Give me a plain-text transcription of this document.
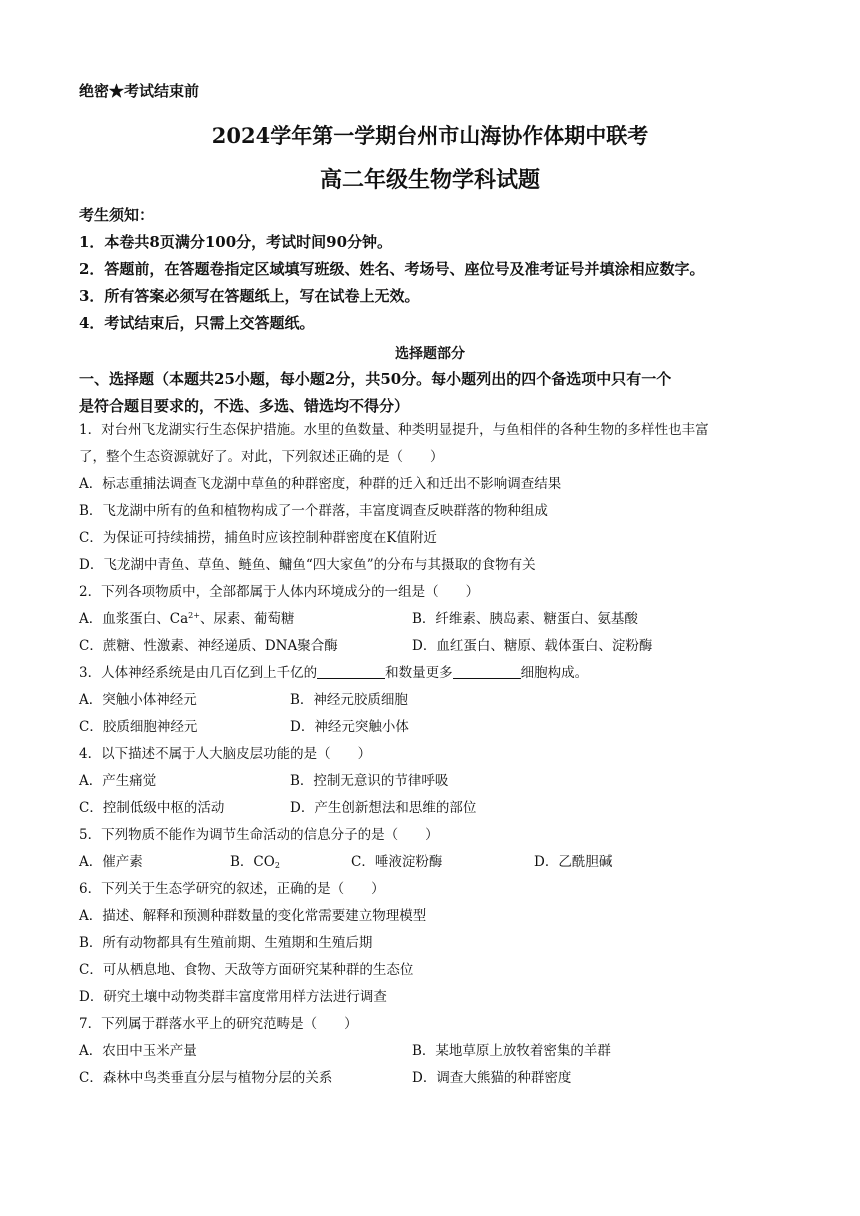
绝密★考试结束前
2024学年第一学期台州市山海协作体期中联考
高二年级生物学科试题
考生须知：
1．本卷共8页满分100分，考试时间90分钟。
2．答题前，在答题卷指定区域填写班级、姓名、考场号、座位号及准考证号并填涂相应数字。
3．所有答案必须写在答题纸上，写在试卷上无效。
4．考试结束后，只需上交答题纸。
选择题部分
一、选择题（本题共25小题，每小题2分，共50分。每小题列出的四个备选项中只有一个
是符合题目要求的，不选、多选、错选均不得分）
1．对台州飞龙湖实行生态保护措施。水里的鱼数量、种类明显提升，与鱼相伴的各种生物的多样性也丰富
了，整个生态资源就好了。对此，下列叙述正确的是（　　）
A．标志重捕法调查飞龙湖中草鱼的种群密度，种群的迁入和迁出不影响调查结果
B．飞龙湖中所有的鱼和植物构成了一个群落，丰富度调查反映群落的物种组成
C．为保证可持续捕捞，捕鱼时应该控制种群密度在K值附近
D．飞龙湖中青鱼、草鱼、鲢鱼、鳙鱼“四大家鱼”的分布与其摄取的食物有关
2．下列各项物质中，全部都属于人体内环境成分的一组是（　　）
A．血浆蛋白、$Ca^{2+}$、尿素、葡萄糖	B．纤维素、胰岛素、糖蛋白、氨基酸
C．蔗糖、性激素、神经递质、DNA聚合酶	D．血红蛋白、糖原、载体蛋白、淀粉酶
3．人体神经系统是由几百亿到上千亿的	和数量更多	细胞构成。
A．突触小体神经元	B．神经元胶质细胞
C．胶质细胞神经元	D．神经元突触小体
4．以下描述不属于人大脑皮层功能的是（　　）
A．产生痛觉	B．控制无意识的节律呼吸
C．控制低级中枢的活动	D．产生创新想法和思维的部位
5．下列物质不能作为调节生命活动的信息分子的是（　　）
A．催产素	B．$CO_2$	C．唾液淀粉酶	D．乙酰胆碱
6．下列关于生态学研究的叙述，正确的是（　　）
A．描述、解释和预测种群数量的变化常需要建立物理模型
B．所有动物都具有生殖前期、生殖期和生殖后期
C．可从栖息地、食物、天敌等方面研究某种群的生态位
D．研究土壤中动物类群丰富度常用样方法进行调查
7．下列属于群落水平上的研究范畴是（　　）
A．农田中玉米产量	B．某地草原上放牧着密集的羊群
C．森林中鸟类垂直分层与植物分层的关系	D．调查大熊猫的种群密度
